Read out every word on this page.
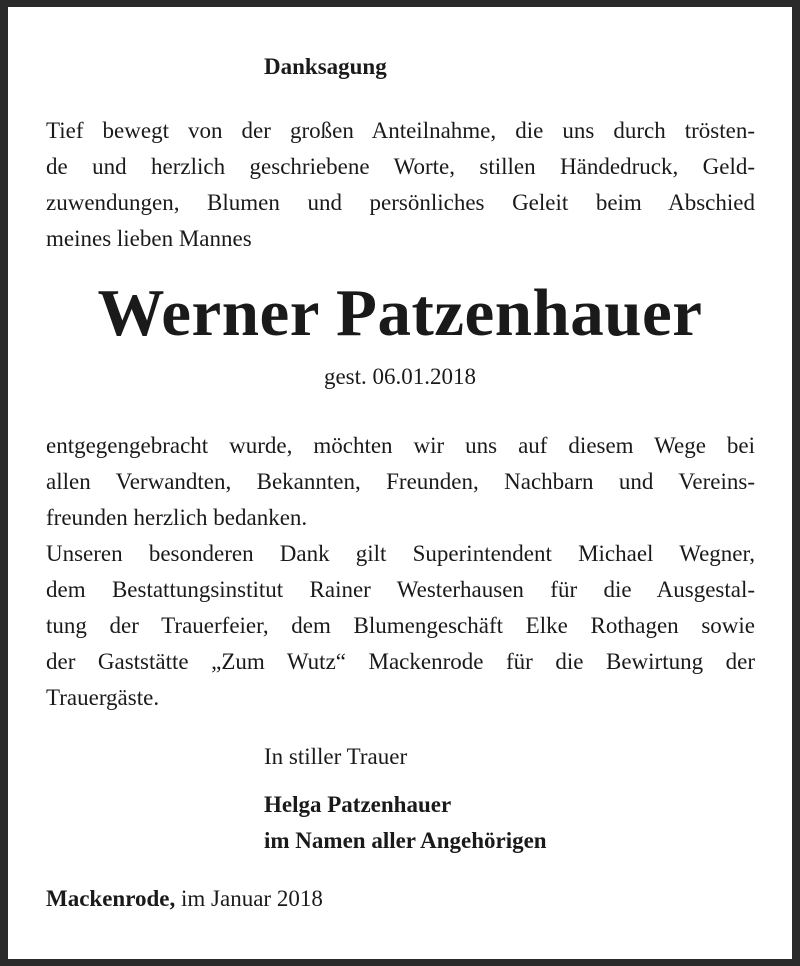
Danksagung
Tief bewegt von der großen Anteilnahme, die uns durch trösten-
de und herzlich geschriebene Worte, stillen Händedruck, Geld-
zuwendungen, Blumen und persönliches Geleit beim Abschied
meines lieben Mannes
Werner Patzenhauer

gest. 06.01.2018

entgegengebracht wurde, möchten wir uns auf diesem Wege bei
allen Verwandten, Bekannten, Freunden, Nachbarn und Vereins-
freunden herzlich bedanken.
Unseren besonderen Dank gilt Superintendent Michael Wegner,
dem Bestattungsinstitut Rainer Westerhausen für die Ausgestal-
tung der Trauerfeier, dem Blumengeschäft Elke Rothagen sowie
der Gaststätte „Zum Wutz“ Mackenrode für die Bewirtung der
Trauergäste.

In stiller Trauer

Helga Patzenhauer
im Namen aller Angehörigen

Mackenrode, im Januar 2018
